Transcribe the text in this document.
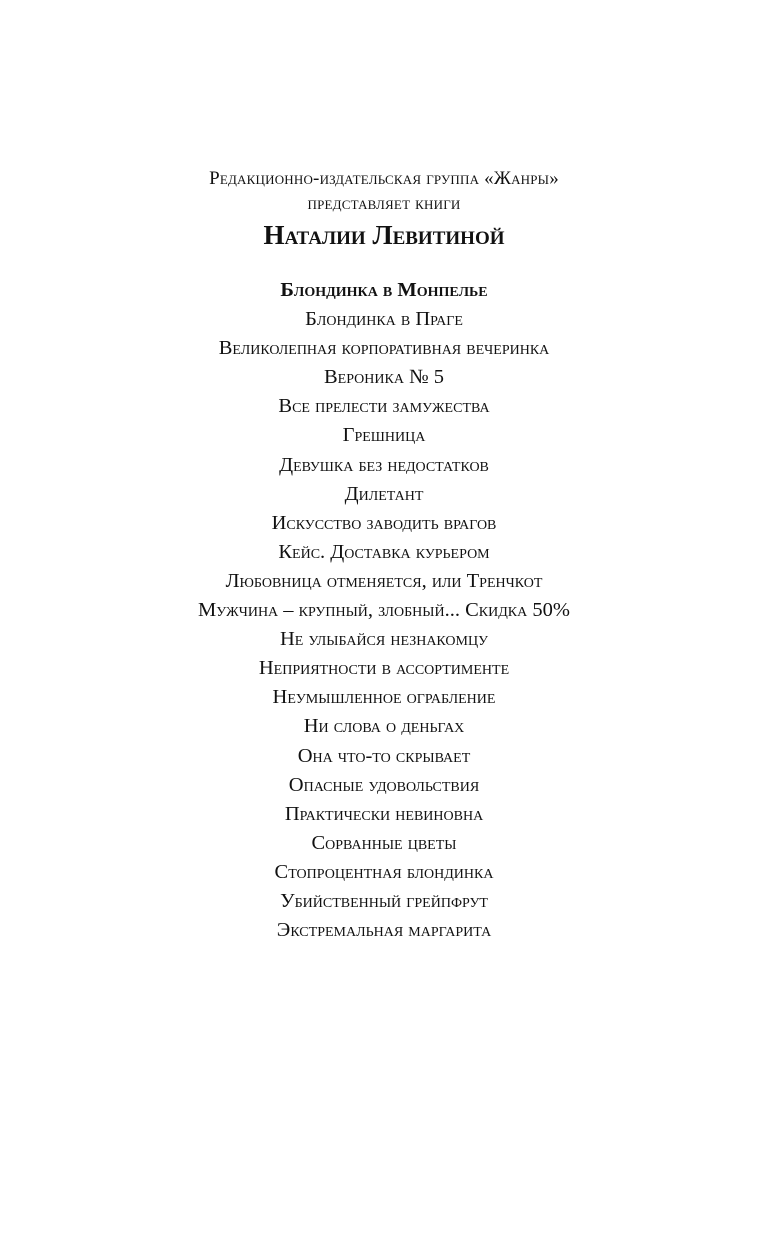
Редакционно-издательская группа «Жанры»
представляет книги
Наталии Левитиной
Блондинка в Монпелье
Блондинка в Праге
Великолепная корпоративная вечеринка
Вероника № 5
Все прелести замужества
Грешница
Девушка без недостатков
Дилетант
Искусство заводить врагов
Кейс. Доставка курьером
Любовница отменяется, или Тренчкот
Мужчина – крупный, злобный... Скидка 50%
Не улыбайся незнакомцу
Неприятности в ассортименте
Неумышленное ограбление
Ни слова о деньгах
Она что-то скрывает
Опасные удовольствия
Практически невиновна
Сорванные цветы
Стопроцентная блондинка
Убийственный грейпфрут
Экстремальная маргарита
